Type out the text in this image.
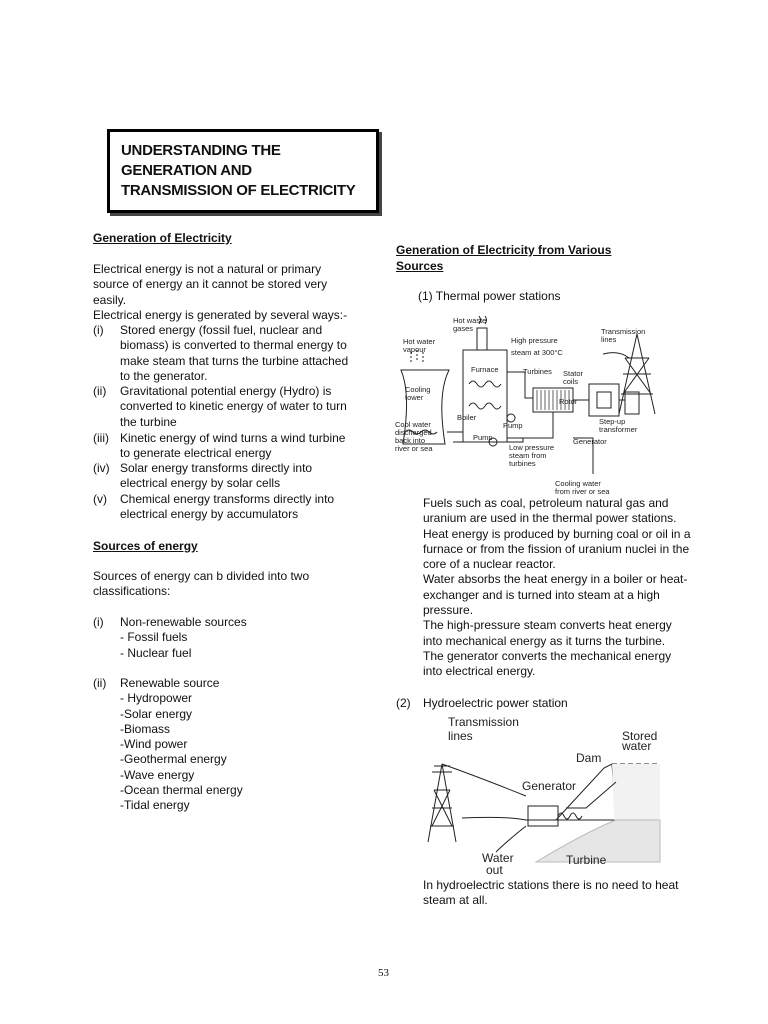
UNDERSTANDING THE
GENERATION AND
TRANSMISSION OF ELECTRICITY
Generation of Electricity
Electrical energy is not a natural or primary
source of energy an it cannot be stored very
easily.
Electrical energy is generated by several ways:-
(i) Stored energy (fossil fuel, nuclear and
biomass) is converted to thermal energy to
make steam that turns the turbine attached
to the generator.
(ii) Gravitational potential energy (Hydro) is
converted to kinetic energy of water to turn
the turbine
(iii) Kinetic energy of wind turns a wind turbine
to generate electrical energy
(iv) Solar energy transforms directly into
electrical energy by solar cells
(v) Chemical energy transforms directly into
electrical energy by accumulators
Sources of energy
Sources of energy can b divided into two
classifications:
(i) Non-renewable sources
- Fossil fuels
- Nuclear fuel
(ii) Renewable source
- Hydropower
-Solar energy
-Biomass
-Wind power
-Geothermal energy
-Wave energy
-Ocean thermal energy
-Tidal energy
Generation of Electricity from Various
Sources
(1) Thermal power stations
Hot waste
gases
Hot water
vapour
High pressure
steam at 300°C
Transmission
lines
Furnace	Turbines Stator
coils
Rotor
Cooling
tower
Boiler
Pump	Step-up
transformer
Cool water
discharged
back into
river or sea
Pump
Low pressure
steam from
turbines
Generator
Cooling water
from river or sea
Fuels such as coal, petroleum natural gas and
uranium are used in the thermal power stations.
Heat energy is produced by burning coal or oil in a
furnace or from the fission of uranium nuclei in the
core of a nuclear reactor.
Water absorbs the heat energy in a boiler or heat-
exchanger and is turned into steam at a high
pressure.
The high-pressure steam converts heat energy
into mechanical energy as it turns the turbine.
The generator converts the mechanical energy
into electrical energy.
(2) Hydroelectric power station
Transmission
lines	Stored
water
Dam
Generator
Water
out
Turbine
In hydroelectric stations there is no need to heat
steam at all.
53
